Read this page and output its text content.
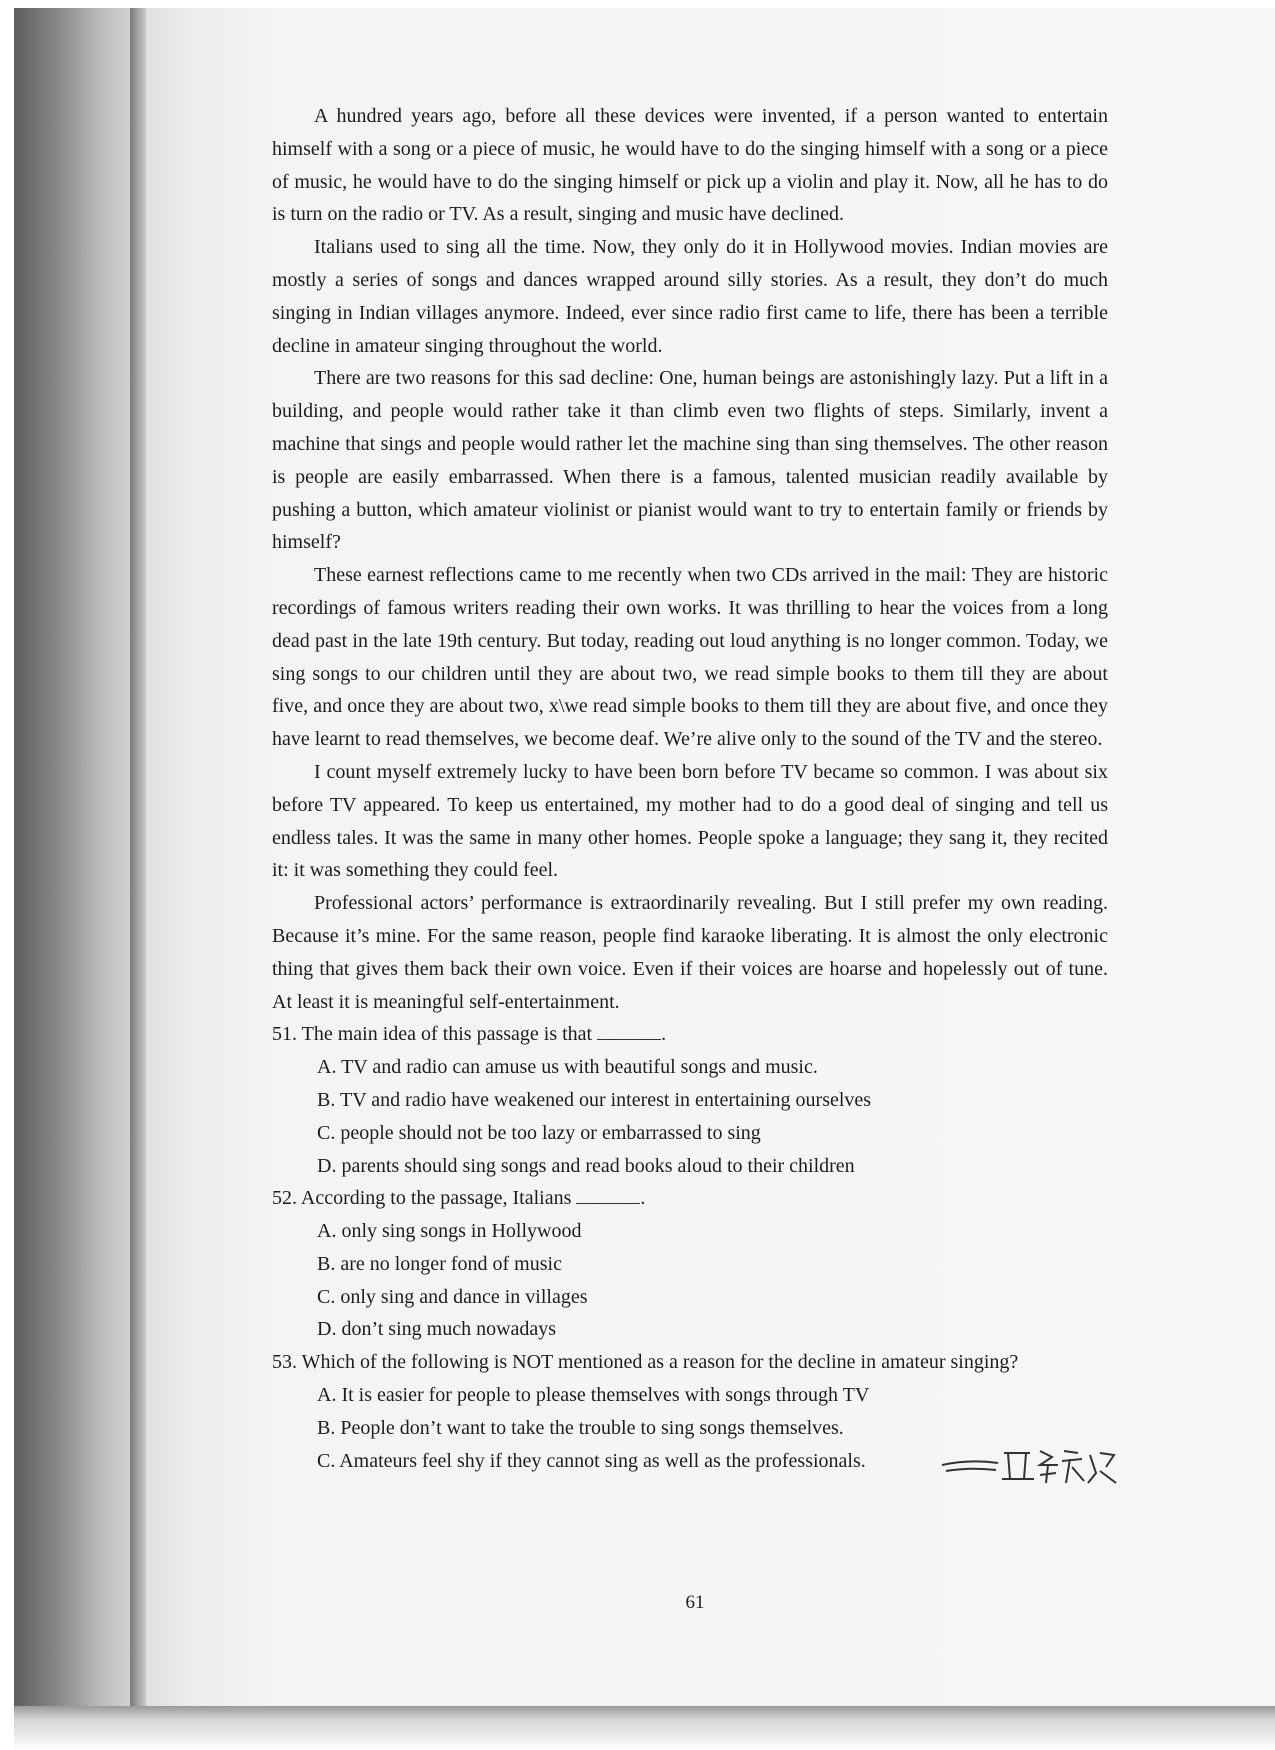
A hundred years ago, before all these devices were invented, if a person wanted to entertain himself with a song or a piece of music, he would have to do the singing himself with a song or a piece of music, he would have to do the singing himself or pick up a violin and play it. Now, all he has to do is turn on the radio or TV. As a result, singing and music have declined.

Italians used to sing all the time. Now, they only do it in Hollywood movies. Indian movies are mostly a series of songs and dances wrapped around silly stories. As a result, they don’t do much singing in Indian villages anymore. Indeed, ever since radio first came to life, there has been a terrible decline in amateur singing throughout the world.

There are two reasons for this sad decline: One, human beings are astonishingly lazy. Put a lift in a building, and people would rather take it than climb even two flights of steps. Similarly, invent a machine that sings and people would rather let the machine sing than sing themselves. The other reason is people are easily embarrassed. When there is a famous, talented musician readily available by pushing a button, which amateur violinist or pianist would want to try to entertain family or friends by himself?

These earnest reflections came to me recently when two CDs arrived in the mail: They are historic recordings of famous writers reading their own works. It was thrilling to hear the voices from a long dead past in the late 19th century. But today, reading out loud anything is no longer common. Today, we sing songs to our children until they are about two, we read simple books to them till they are about five, and once they are about two, x\we read simple books to them till they are about five, and once they have learnt to read themselves, we become deaf. We’re alive only to the sound of the TV and the stereo.

I count myself extremely lucky to have been born before TV became so common. I was about six before TV appeared. To keep us entertained, my mother had to do a good deal of singing and tell us endless tales. It was the same in many other homes. People spoke a language; they sang it, they recited it: it was something they could feel.

Professional actors’ performance is extraordinarily revealing. But I still prefer my own reading. Because it’s mine. For the same reason, people find karaoke liberating. It is almost the only electronic thing that gives them back their own voice. Even if their voices are hoarse and hopelessly out of tune. At least it is meaningful self-entertainment.

51. The main idea of this passage is that	.

A. TV and radio can amuse us with beautiful songs and music.

B. TV and radio have weakened our interest in entertaining ourselves

C. people should not be too lazy or embarrassed to sing

D. parents should sing songs and read books aloud to their children

52. According to the passage, Italians	.

A. only sing songs in Hollywood

B. are no longer fond of music

C. only sing and dance in villages

D. don’t sing much nowadays

53. Which of the following is NOT mentioned as a reason for the decline in amateur singing?

A. It is easier for people to please themselves with songs through TV

B. People don’t want to take the trouble to sing songs themselves.

C. Amateurs feel shy if they cannot sing as well as the professionals.

61
